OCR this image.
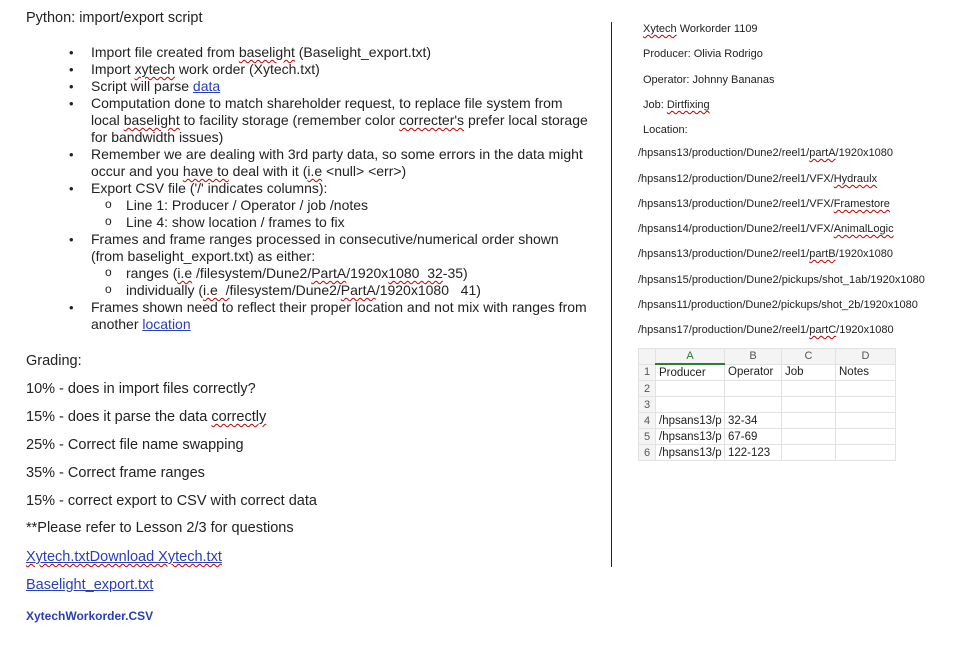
Python: import/export script
• Import file created from baselight (Baselight_export.txt)
• Import xytech work order (Xytech.txt)
• Script will parse data
• Computation done to match shareholder request, to replace file system from local baselight to facility storage (remember color correcter's prefer local storage for bandwidth issues)
• Remember we are dealing with 3rd party data, so some errors in the data might occur and you have to deal with it (i.e <null> <err>)
• Export CSV file ('/' indicates columns):
o Line 1: Producer / Operator / job /notes
o Line 4: show location / frames to fix
• Frames and frame ranges processed in consecutive/numerical order shown (from baselight_export.txt) as either:
o ranges (i.e /filesystem/Dune2/PartA/1920x1080  32-35)
o individually (i.e  /filesystem/Dune2/PartA/1920x1080   41)
• Frames shown need to reflect their proper location and not mix with ranges from another location
Grading:
10% - does in import files correctly?
15% - does it parse the data correctly
25% - Correct file name swapping
35% - Correct frame ranges
15% - correct export to CSV with correct data
**Please refer to Lesson 2/3 for questions
Xytech.txtDownload Xytech.txt
Baselight_export.txt
XytechWorkorder.CSV
Xytech Workorder 1109
Producer: Olivia Rodrigo
Operator: Johnny Bananas
Job: Dirtfixing
Location:
/hpsans13/production/Dune2/reel1/partA/1920x1080
/hpsans12/production/Dune2/reel1/VFX/Hydraulx
/hpsans13/production/Dune2/reel1/VFX/Framestore
/hpsans14/production/Dune2/reel1/VFX/AnimalLogic
/hpsans13/production/Dune2/reel1/partB/1920x1080
/hpsans15/production/Dune2/pickups/shot_1ab/1920x1080
/hpsans11/production/Dune2/pickups/shot_2b/1920x1080
/hpsans17/production/Dune2/reel1/partC/1920x1080
	A	B	C	D
1	Producer	Operator	Job	Notes
2				
3				
4	/hpsans13/p	32-34		
5	/hpsans13/p	67-69		
6	/hpsans13/p	122-123		
